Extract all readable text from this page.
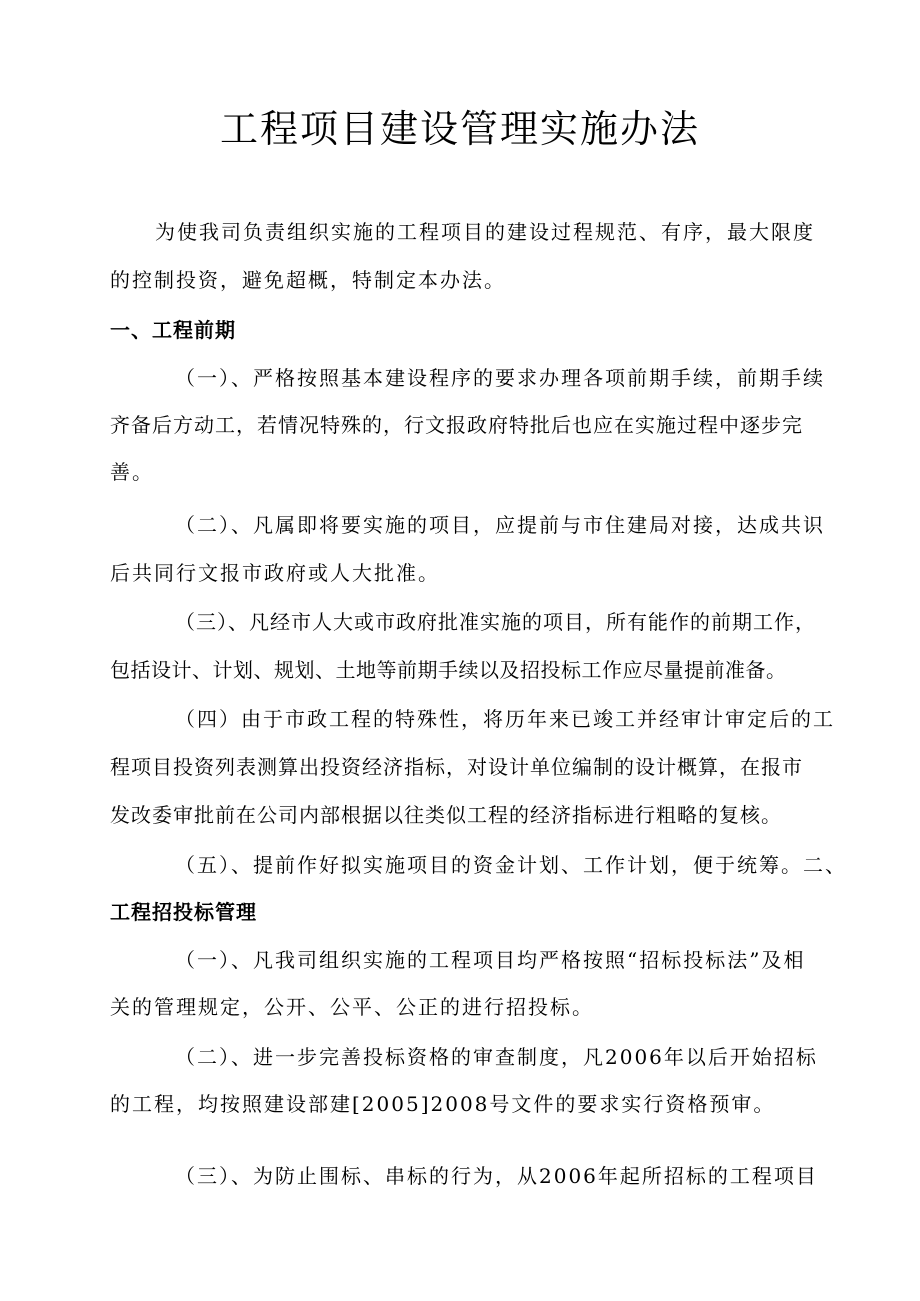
工程项目建设管理实施办法
为使我司负责组织实施的工程项目的建设过程规范、有序，最大限度
的控制投资，避免超概，特制定本办法。
一、工程前期
（一）、严格按照基本建设程序的要求办理各项前期手续，前期手续
齐备后方动工，若情况特殊的，行文报政府特批后也应在实施过程中逐步完
善。
（二）、凡属即将要实施的项目，应提前与市住建局对接，达成共识
后共同行文报市政府或人大批准。
（三）、凡经市人大或市政府批准实施的项目，所有能作的前期工作，
包括设计、计划、规划、土地等前期手续以及招投标工作应尽量提前准备。
（四）由于市政工程的特殊性，将历年来已竣工并经审计审定后的工
程项目投资列表测算出投资经济指标，对设计单位编制的设计概算，在报市
发改委审批前在公司内部根据以往类似工程的经济指标进行粗略的复核。
（五）、提前作好拟实施项目的资金计划、工作计划，便于统筹。二、
工程招投标管理
（一）、凡我司组织实施的工程项目均严格按照“招标投标法”及相
关的管理规定，公开、公平、公正的进行招投标。
（二）、进一步完善投标资格的审查制度，凡2006年以后开始招标
的工程，均按照建设部建[2005]2008号文件的要求实行资格预审。
（三）、为防止围标、串标的行为，从2006年起所招标的工程项目
